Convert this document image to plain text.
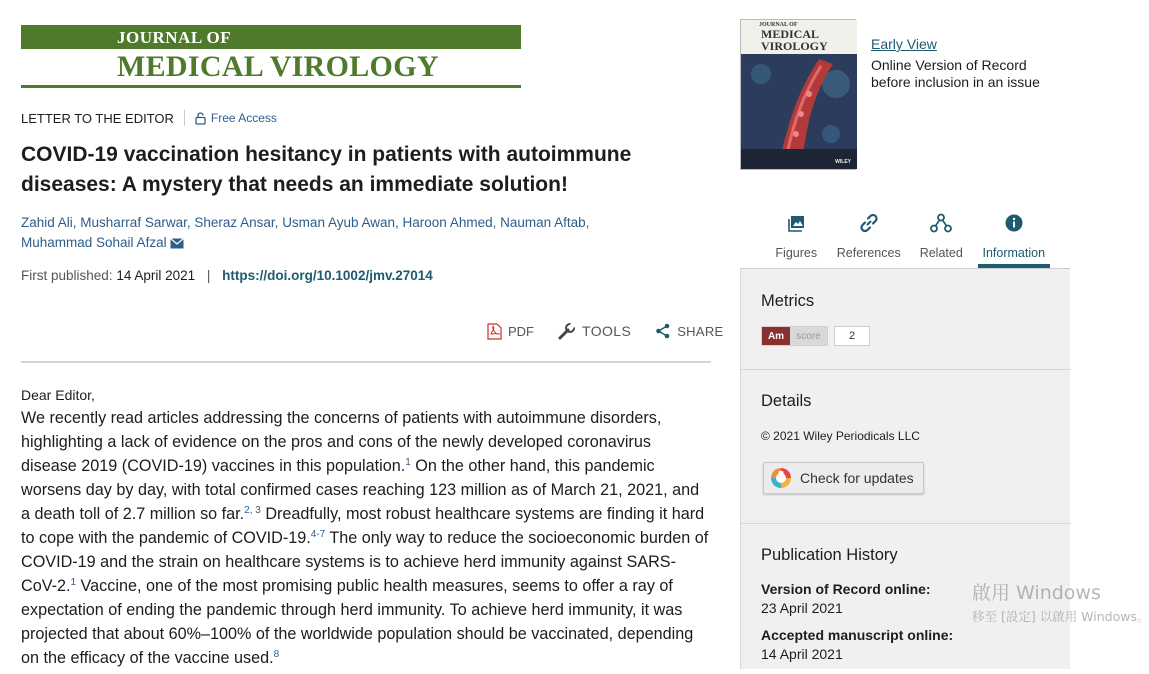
JOURNAL OF
MEDICAL VIROLOGY
LETTER TO THE EDITOR	Free Access
COVID-19 vaccination hesitancy in patients with autoimmune diseases: A mystery that needs an immediate solution!
Zahid Ali, Musharraf Sarwar, Sheraz Ansar, Usman Ayub Awan, Haroon Ahmed, Nauman Aftab,
Muhammad Sohail Afzal
First published: 14 April 2021 | https://doi.org/10.1002/jmv.27014
PDF	TOOLS	SHARE

Dear Editor,

We recently read articles addressing the concerns of patients with autoimmune disorders, highlighting a lack of evidence on the pros and cons of the newly developed coronavirus disease 2019 (COVID-19) vaccines in this population.$^1$ On the other hand, this pandemic worsens day by day, with total confirmed cases reaching 123 million as of March 21, 2021, and a death toll of 2.7 million so far.$^{2, 3}$ Dreadfully, most robust healthcare systems are finding it hard to cope with the pandemic of COVID-19.$^{4-7}$ The only way to reduce the socioeconomic burden of COVID-19 and the strain on healthcare systems is to achieve herd immunity against SARS-CoV-2.$^1$ Vaccine, one of the most promising public health measures, seems to offer a ray of expectation of ending the pandemic through herd immunity. To achieve herd immunity, it was projected that about 60%–100% of the worldwide population should be vaccinated, depending on the efficacy of the vaccine used.$^8$

JOURNAL OF
MEDICAL VIROLOGY
WILEY
Early View
Online Version of Record
before inclusion in an issue
Figures References Related Information
Metrics
Am	score	2
Details
© 2021 Wiley Periodicals LLC
Check for updates
Publication History
Version of Record online:
23 April 2021
Accepted manuscript online:
14 April 2021
啟用 Windows
移至 [設定] 以啟用 Windows。
